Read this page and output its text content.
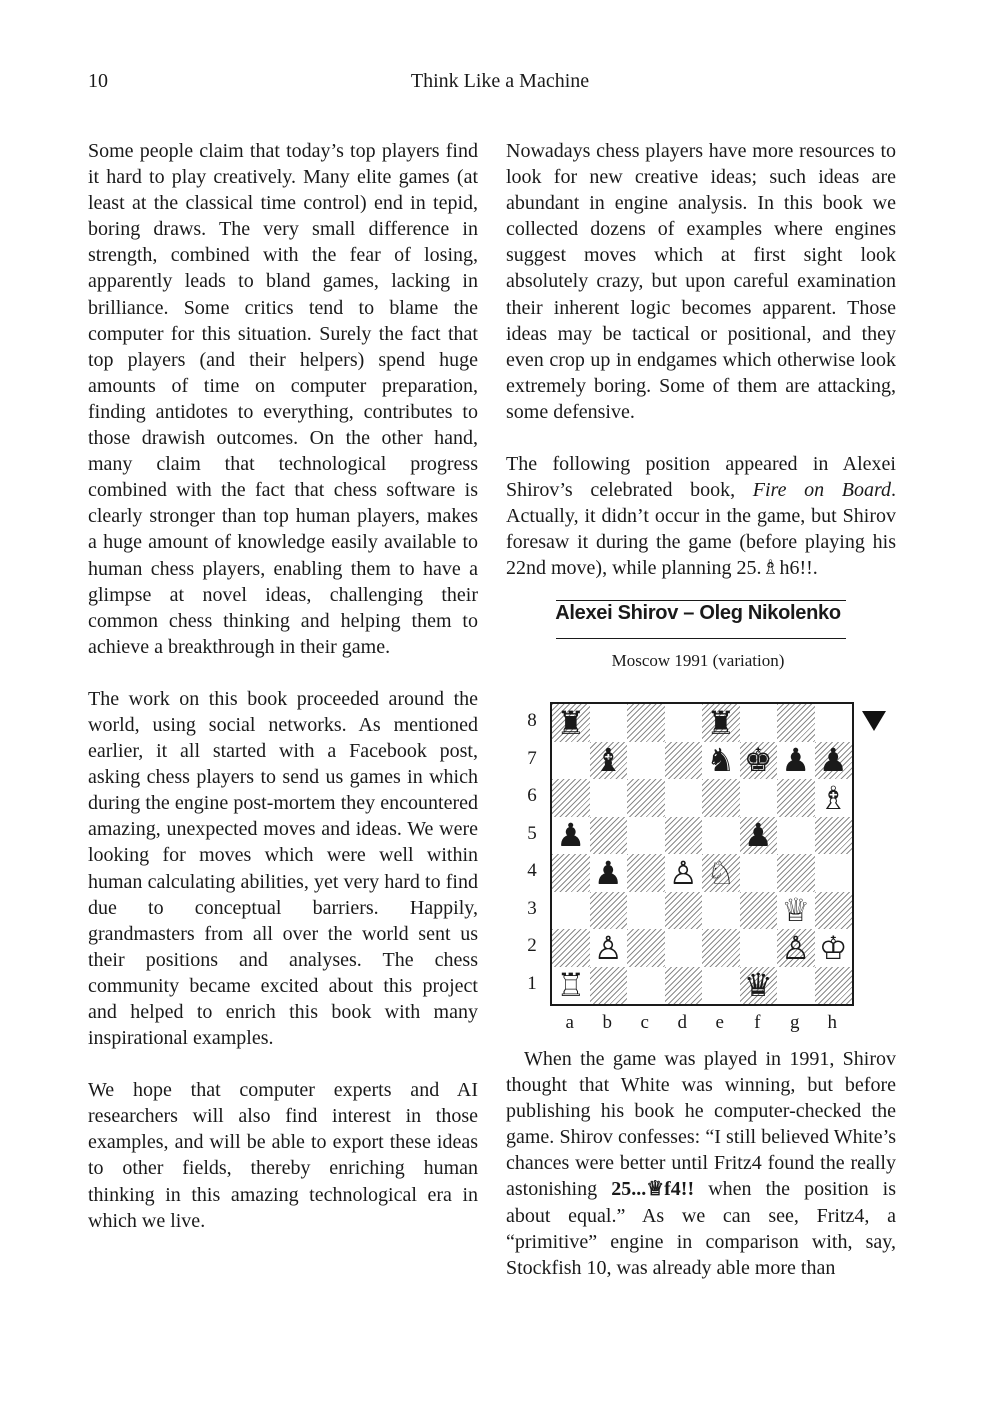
10	Think Like a Machine

Some people claim that today’s top players find it hard to play creatively. Many elite games (at least at the classical time control) end in tepid, boring draws. The very small difference in strength, combined with the fear of losing, apparently leads to bland games, lacking in brilliance. Some critics tend to blame the computer for this situation. Surely the fact that top players (and their helpers) spend huge amounts of time on computer preparation, finding antidotes to everything, contributes to those drawish outcomes. On the other hand, many claim that technological progress combined with the fact that chess software is clearly stronger than top human players, makes a huge amount of knowledge easily available to human chess players, enabling them to have a glimpse at novel ideas, challenging their common chess thinking and helping them to achieve a breakthrough in their game.

The work on this book proceeded around the world, using social networks. As mentioned earlier, it all started with a Facebook post, asking chess players to send us games in which during the engine post-mortem they encountered amazing, unexpected moves and ideas. We were looking for moves which were well within human calculating abilities, yet very hard to find due to conceptual barriers. Happily, grandmasters from all over the world sent us their positions and analyses. The chess community became excited about this project and helped to enrich this book with many inspirational examples.

We hope that computer experts and AI researchers will also find interest in those examples, and will be able to export these ideas to other fields, thereby enriching human thinking in this amazing technological era in which we live.

Nowadays chess players have more resources to look for new creative ideas; such ideas are abundant in engine analysis. In this book we collected dozens of examples where engines suggest moves which at first sight look absolutely crazy, but upon careful examination their inherent logic becomes apparent. Those ideas may be tactical or positional, and they even crop up in endgames which otherwise look extremely boring. Some of them are attacking, some defensive.

The following position appeared in Alexei Shirov’s celebrated book, Fire on Board. Actually, it didn’t occur in the game, but Shirov foresaw it during the game (before playing his 22nd move), while planning 25.♗h6!!.

Alexei Shirov – Oleg Nikolenko
Moscow 1991 (variation)
♜	♜
♝	♞ ♚ ♟ ♟
♗
♟	♟
♟ ♙ ♘
♕
♙	♙ ♔
♖	♛
8
7
6
5
4
3
2
1
a	b	c	d	e	f	g	h

When the game was played in 1991, Shirov thought that White was winning, but before publishing his book he computer-checked the game. Shirov confesses: “I still believed White’s chances were better until Fritz4 found the really astonishing 25...♕f4!! when the position is about equal.” As we can see, Fritz4, a “primitive” engine in comparison with, say, Stockfish 10, was already able more than
